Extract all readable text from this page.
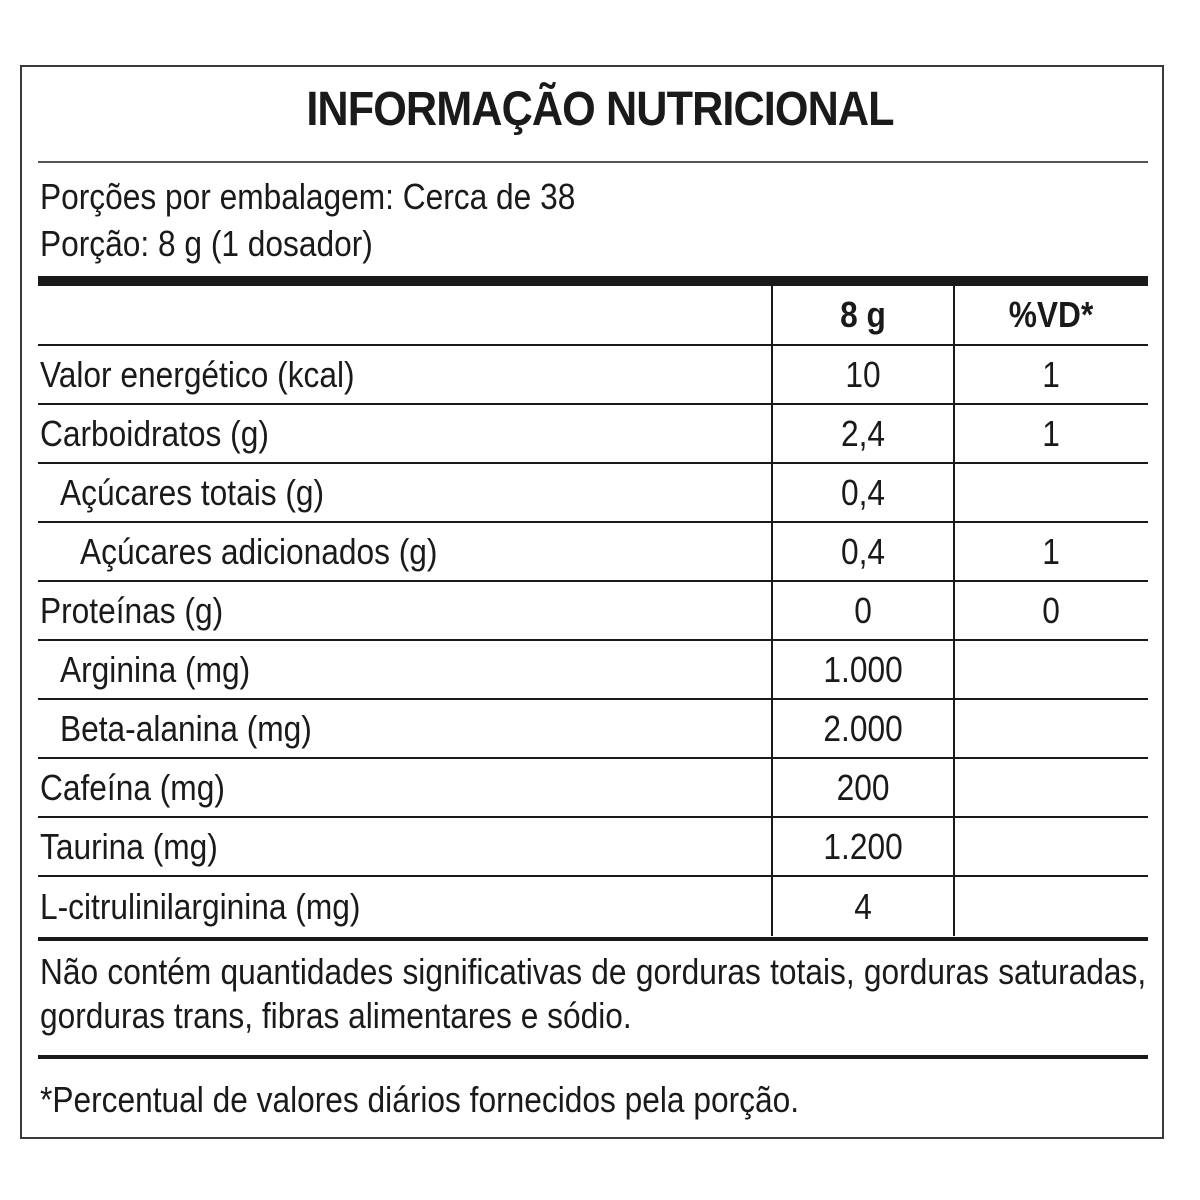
INFORMAÇÃO NUTRICIONAL
Porções por embalagem: Cerca de 38
Porção: 8 g (1 dosador)
8 g	%VD*
Valor energético (kcal)	10	1
Carboidratos (g)	2,4	1
Açúcares totais (g)	0,4
Açúcares adicionados (g)	0,4	1
Proteínas (g)	0	0
Arginina (mg)	1.000
Beta-alanina (mg)	2.000
Cafeína (mg)	200
Taurina (mg)	1.200
L-citrulinilarginina (mg)	4
Não contém quantidades significativas de gorduras totais, gorduras saturadas, gorduras trans, fibras alimentares e sódio.
*Percentual de valores diários fornecidos pela porção.
